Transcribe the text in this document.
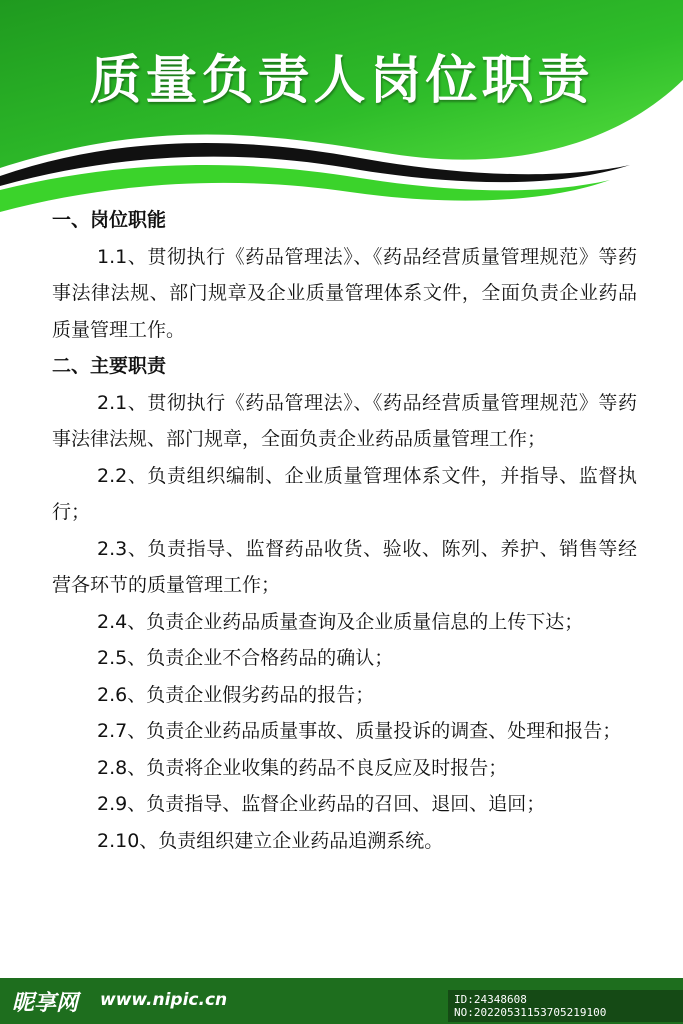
质量负责人岗位职责

一、岗位职能

1.1、贯彻执行《药品管理法》、《药品经营质量管理规范》等药事法律法规、部门规章及企业质量管理体系文件，全面负责企业药品质量管理工作。

二、主要职责

2.1、贯彻执行《药品管理法》、《药品经营质量管理规范》等药事法律法规、部门规章，全面负责企业药品质量管理工作；

2.2、负责组织编制、企业质量管理体系文件，并指导、监督执行；

2.3、负责指导、监督药品收货、验收、陈列、养护、销售等经营各环节的质量管理工作；

2.4、负责企业药品质量查询及企业质量信息的上传下达；

2.5、负责企业不合格药品的确认；

2.6、负责企业假劣药品的报告；

2.7、负责企业药品质量事故、质量投诉的调查、处理和报告；

2.8、负责将企业收集的药品不良反应及时报告；

2.9、负责指导、监督企业药品的召回、退回、追回；

2.10、负责组织建立企业药品追溯系统。

昵享网 www.nipic.cn	ID:24348608 NO:20220531153705219100
